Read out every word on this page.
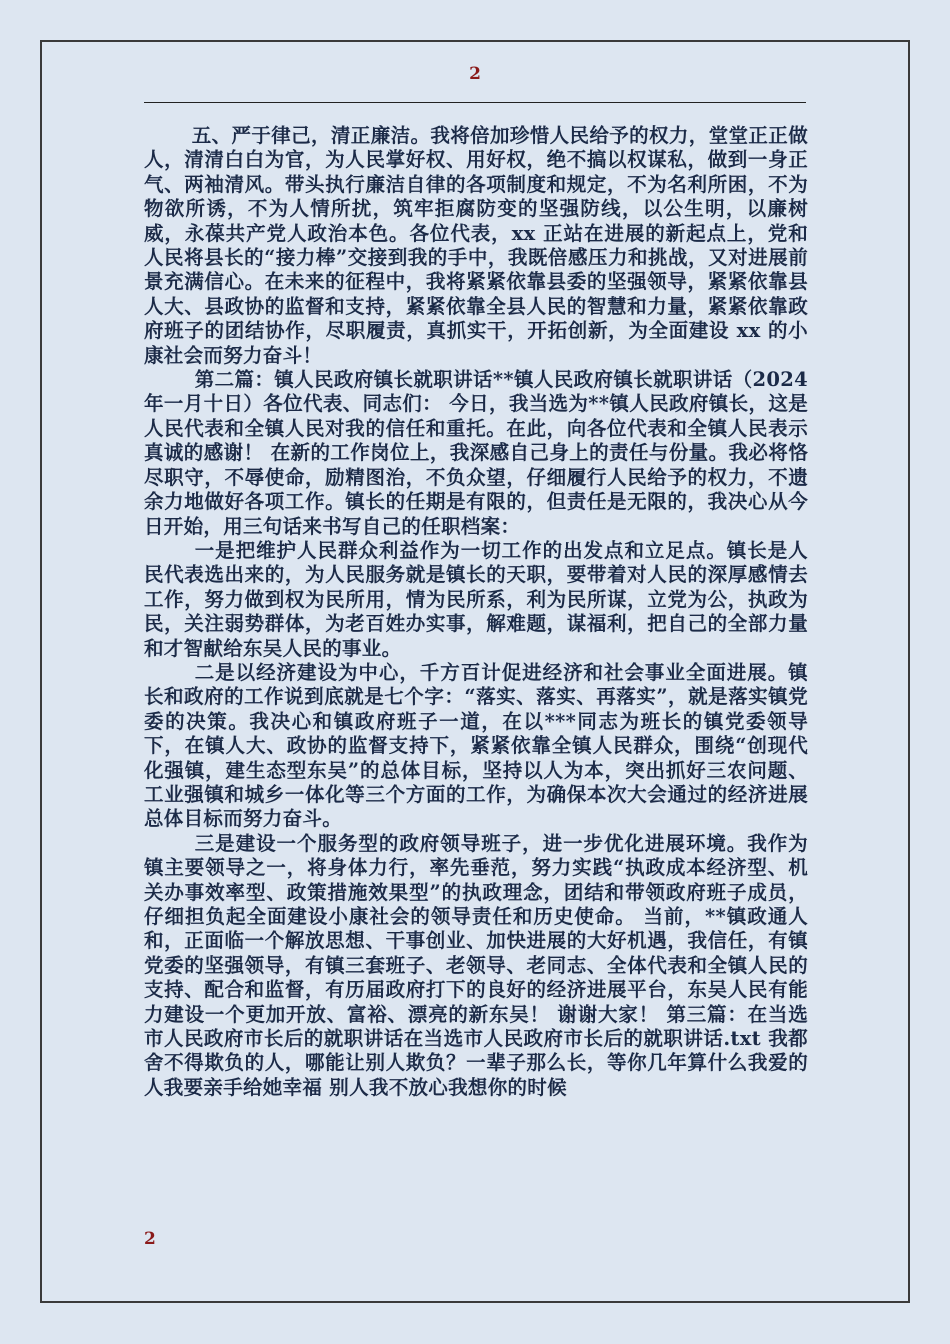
2

五、严于律己，清正廉洁。我将倍加珍惜人民给予的权力，堂堂正正做人，清清白白为官，为人民掌好权、用好权，绝不搞以权谋私，做到一身正气、两袖清风。带头执行廉洁自律的各项制度和规定，不为名利所困，不为物欲所诱，不为人情所扰，筑牢拒腐防变的坚强防线，以公生明，以廉树威，永葆共产党人政治本色。各位代表，xx 正站在进展的新起点上，党和人民将县长的“接力棒”交接到我的手中，我既倍感压力和挑战，又对进展前景充满信心。在未来的征程中，我将紧紧依靠县委的坚强领导，紧紧依靠县人大、县政协的监督和支持，紧紧依靠全县人民的智慧和力量，紧紧依靠政府班子的团结协作，尽职履责，真抓实干，开拓创新，为全面建设 xx 的小康社会而努力奋斗！

第二篇：镇人民政府镇长就职讲话**镇人民政府镇长就职讲话（2024 年一月十日）各位代表、同志们： 今日，我当选为**镇人民政府镇长，这是人民代表和全镇人民对我的信任和重托。在此，向各位代表和全镇人民表示真诚的感谢！ 在新的工作岗位上，我深感自己身上的责任与份量。我必将恪尽职守，不辱使命，励精图治，不负众望，仔细履行人民给予的权力，不遗余力地做好各项工作。镇长的任期是有限的，但责任是无限的，我决心从今日开始，用三句话来书写自己的任职档案：

一是把维护人民群众利益作为一切工作的出发点和立足点。镇长是人民代表选出来的，为人民服务就是镇长的天职，要带着对人民的深厚感情去工作，努力做到权为民所用，情为民所系，利为民所谋，立党为公，执政为民，关注弱势群体，为老百姓办实事，解难题，谋福利，把自己的全部力量和才智献给东吴人民的事业。

二是以经济建设为中心，千方百计促进经济和社会事业全面进展。镇长和政府的工作说到底就是七个字：“落实、落实、再落实”，就是落实镇党委的决策。我决心和镇政府班子一道，在以***同志为班长的镇党委领导下，在镇人大、政协的监督支持下，紧紧依靠全镇人民群众，围绕“创现代化强镇，建生态型东吴”的总体目标，坚持以人为本，突出抓好三农问题、工业强镇和城乡一体化等三个方面的工作，为确保本次大会通过的经济进展总体目标而努力奋斗。

三是建设一个服务型的政府领导班子，进一步优化进展环境。我作为镇主要领导之一，将身体力行，率先垂范，努力实践“执政成本经济型、机关办事效率型、政策措施效果型”的执政理念，团结和带领政府班子成员，仔细担负起全面建设小康社会的领导责任和历史使命。 当前，**镇政通人和，正面临一个解放思想、干事创业、加快进展的大好机遇，我信任，有镇党委的坚强领导，有镇三套班子、老领导、老同志、全体代表和全镇人民的支持、配合和监督，有历届政府打下的良好的经济进展平台，东吴人民有能力建设一个更加开放、富裕、漂亮的新东吴！ 谢谢大家！ 第三篇：在当选市人民政府市长后的就职讲话在当选市人民政府市长后的就职讲话.txt 我都舍不得欺负的人，哪能让别人欺负？一辈子那么长，等你几年算什么我爱的人我要亲手给她幸福 别人我不放心我想你的时候

2
